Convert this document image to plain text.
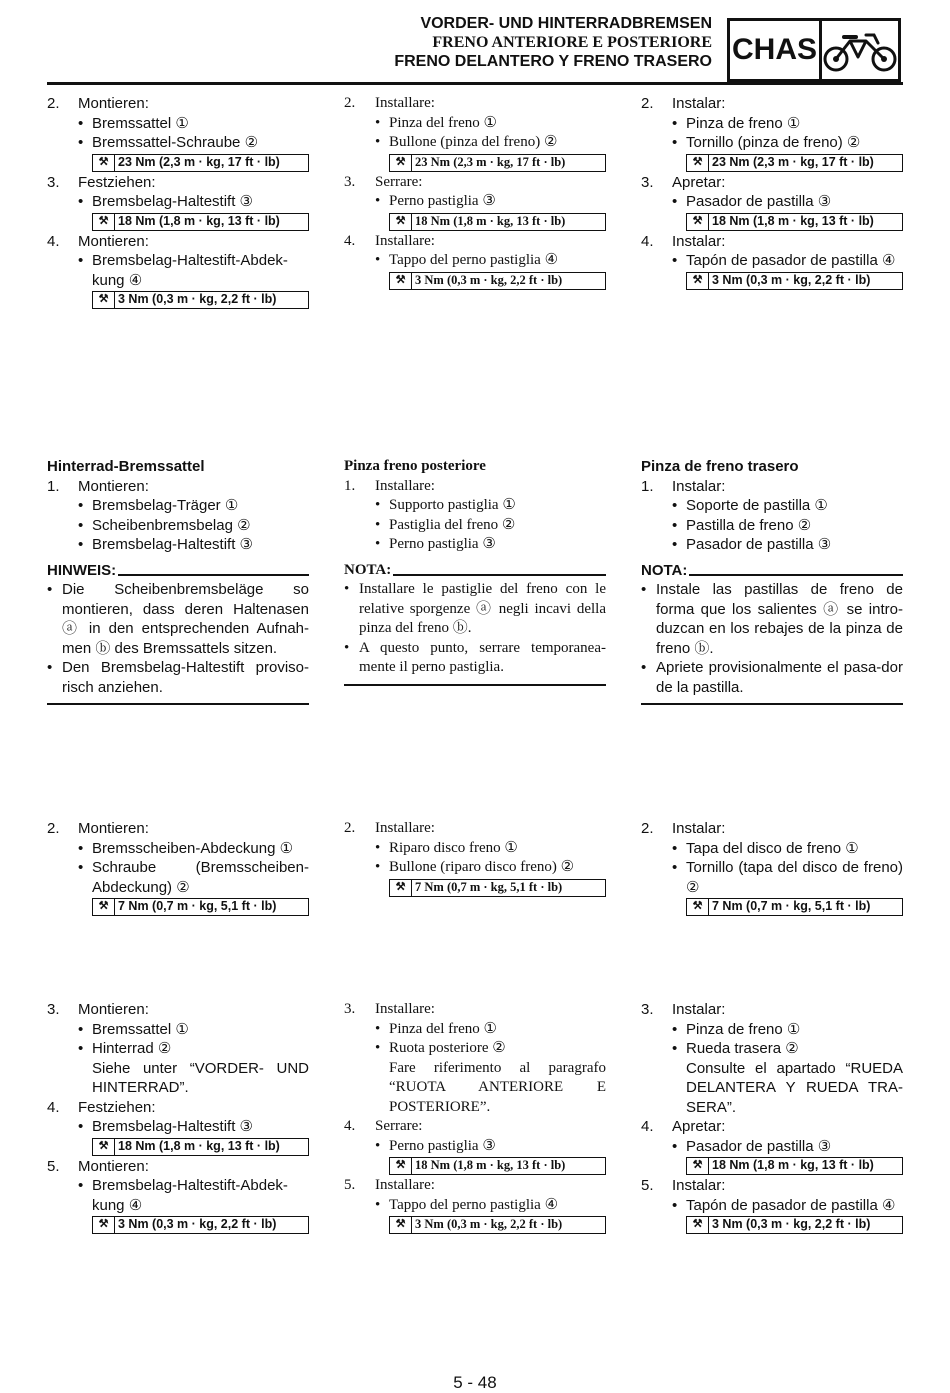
VORDER- UND HINTERRADBREMSEN
FRENO ANTERIORE E POSTERIORE
FRENO DELANTERO Y FRENO TRASERO CHAS
2.	Montieren:
• Bremssattel ①
• Bremssattel-Schraube ②
⚒ 23 Nm (2,3 m · kg, 17 ft · lb)
3.	Festziehen:
• Bremsbelag-Haltestift ③
⚒ 18 Nm (1,8 m · kg, 13 ft · lb)
4.	Montieren:
• Bremsbelag-Haltestift-Abdek-kung ④
⚒ 3 Nm (0,3 m · kg, 2,2 ft · lb)
2.	Installare:
• Pinza del freno ①
• Bullone (pinza del freno) ②
⚒ 23 Nm (2,3 m · kg, 17 ft · lb)
3.	Serrare:
• Perno pastiglia ③
⚒ 18 Nm (1,8 m · kg, 13 ft · lb)
4.	Installare:
• Tappo del perno pastiglia ④
⚒ 3 Nm (0,3 m · kg, 2,2 ft · lb)
2.	Instalar:
• Pinza de freno ①
• Tornillo (pinza de freno) ②
⚒ 23 Nm (2,3 m · kg, 17 ft · lb)
3.	Apretar:
• Pasador de pastilla ③
⚒ 18 Nm (1,8 m · kg, 13 ft · lb)
4.	Instalar:
• Tapón de pasador de pastilla ④
⚒ 3 Nm (0,3 m · kg, 2,2 ft · lb)
Hinterrad-Bremssattel
1.	Montieren:
• Bremsbelag-Träger ①
• Scheibenbremsbelag ②
• Bremsbelag-Haltestift ③
HINWEIS:
• Die Scheibenbremsbeläge so montieren, dass deren Haltenasen ⓐ in den entsprechenden Aufnah-men ⓑ des Bremssattels sitzen.
• Den Bremsbelag-Haltestift proviso-risch anziehen.
Pinza freno posteriore
1.	Installare:
• Supporto pastiglia ①
• Pastiglia del freno ②
• Perno pastiglia ③
NOTA:
• Installare le pastiglie del freno con le relative sporgenze ⓐ negli incavi della pinza del freno ⓑ.
• A questo punto, serrare temporanea-mente il perno pastiglia.
Pinza de freno trasero
1.	Instalar:
• Soporte de pastilla ①
• Pastilla de freno ②
• Pasador de pastilla ③
NOTA:
• Instale las pastillas de freno de forma que los salientes ⓐ se intro-duzcan en los rebajes de la pinza de freno ⓑ.
• Apriete provisionalmente el pasa-dor de la pastilla.
2.	Montieren:
• Bremsscheiben-Abdeckung ①
• Schraube (Bremsscheiben-Abdeckung) ②
⚒ 7 Nm (0,7 m · kg, 5,1 ft · lb)
2.	Installare:
• Riparo disco freno ①
• Bullone (riparo disco freno) ②
⚒ 7 Nm (0,7 m · kg, 5,1 ft · lb)
2.	Instalar:
• Tapa del disco de freno ①
• Tornillo (tapa del disco de freno) ②
⚒ 7 Nm (0,7 m · kg, 5,1 ft · lb)
3.	Montieren:
• Bremssattel ①
• Hinterrad ②
Siehe unter “VORDER- UND HINTERRAD”.
4.	Festziehen:
• Bremsbelag-Haltestift ③
⚒ 18 Nm (1,8 m · kg, 13 ft · lb)
5.	Montieren:
• Bremsbelag-Haltestift-Abdek-kung ④
⚒ 3 Nm (0,3 m · kg, 2,2 ft · lb)
3.	Installare:
• Pinza del freno ①
• Ruota posteriore ②
Fare riferimento al paragrafo “RUOTA ANTERIORE E POSTERIORE”.
4.	Serrare:
• Perno pastiglia ③
⚒ 18 Nm (1,8 m · kg, 13 ft · lb)
5.	Installare:
• Tappo del perno pastiglia ④
⚒ 3 Nm (0,3 m · kg, 2,2 ft · lb)
3.	Instalar:
• Pinza de freno ①
• Rueda trasera ②
Consulte el apartado “RUEDA DELANTERA Y RUEDA TRA-SERA”.
4.	Apretar:
• Pasador de pastilla ③
⚒ 18 Nm (1,8 m · kg, 13 ft · lb)
5.	Instalar:
• Tapón de pasador de pastilla ④
⚒ 3 Nm (0,3 m · kg, 2,2 ft · lb)
5 - 48
